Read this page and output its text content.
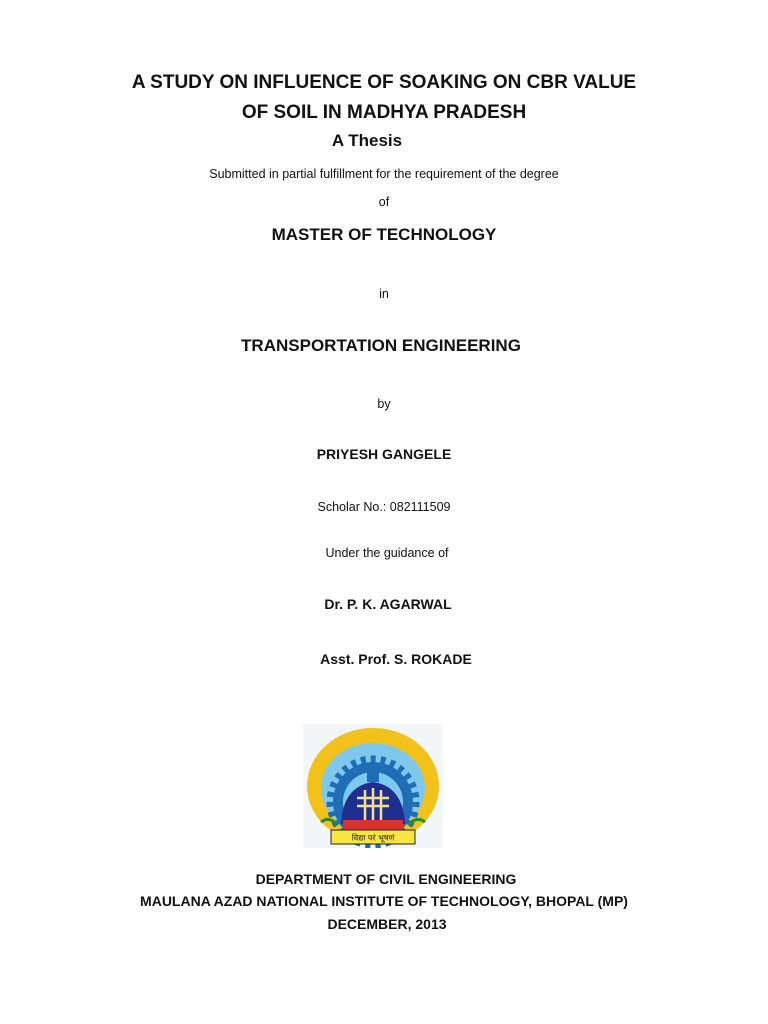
A STUDY ON INFLUENCE OF SOAKING ON CBR VALUE
OF SOIL IN MADHYA PRADESH
A Thesis
Submitted in partial fulfillment for the requirement of the degree
of
MASTER OF TECHNOLOGY
in
TRANSPORTATION ENGINEERING
by
PRIYESH GANGELE
Scholar No.: 082111509
Under the guidance of
Dr. P. K. AGARWAL
Asst. Prof. S. ROKADE
विद्या परं भूषणं
DEPARTMENT OF CIVIL ENGINEERING
MAULANA AZAD NATIONAL INSTITUTE OF TECHNOLOGY, BHOPAL (MP)
DECEMBER, 2013
